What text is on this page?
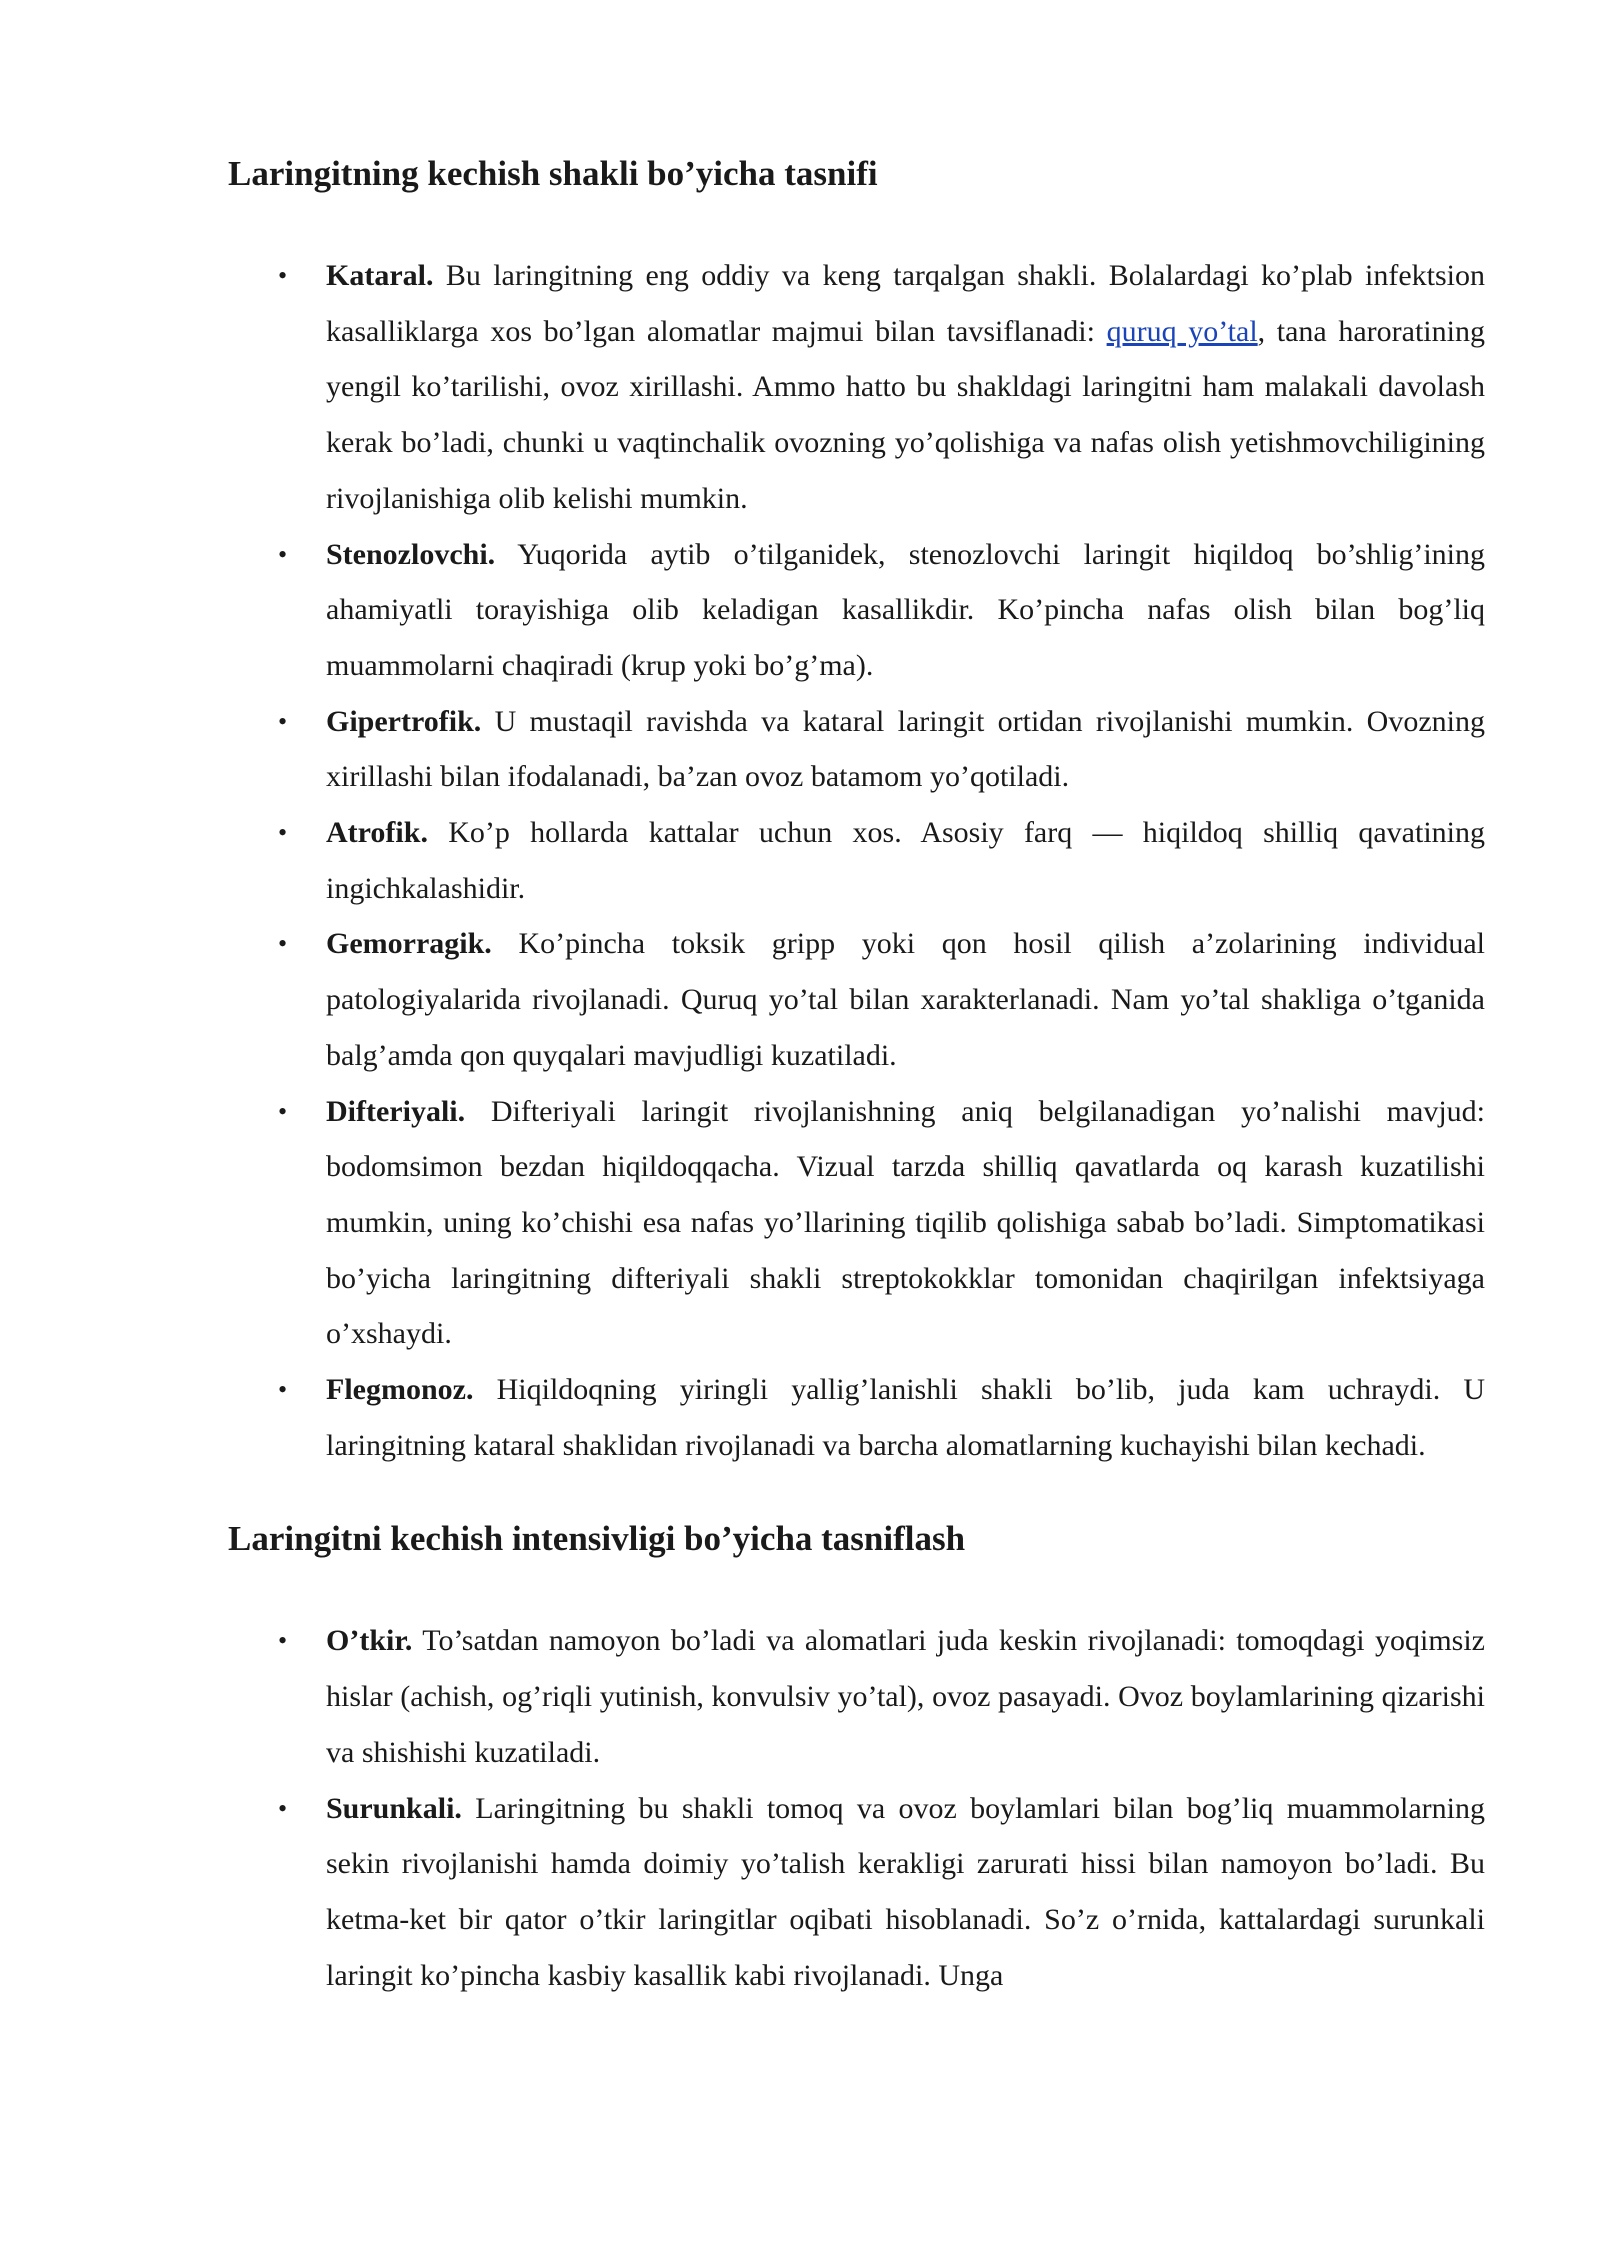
Laringitning kechish shakli bo’yicha tasnifi
• Kataral. Bu laringitning eng oddiy va keng tarqalgan shakli. Bolalardagi ko’plab infektsion kasalliklarga xos bo’lgan alomatlar majmui bilan tavsiflanadi: quruq yo’tal, tana haroratining yengil ko’tarilishi, ovoz xirillashi. Ammo hatto bu shakldagi laringitni ham malakali davolash kerak bo’ladi, chunki u vaqtinchalik ovozning yo’qolishiga va nafas olish yetishmovchiligining rivojlanishiga olib kelishi mumkin.
• Stenozlovchi. Yuqorida aytib o’tilganidek, stenozlovchi laringit hiqildoq bo’shlig’ining ahamiyatli torayishiga olib keladigan kasallikdir. Ko’pincha nafas olish bilan bog’liq muammolarni chaqiradi (krup yoki bo’g’ma).
• Gipertrofik. U mustaqil ravishda va kataral laringit ortidan rivojlanishi mumkin. Ovozning xirillashi bilan ifodalanadi, ba’zan ovoz batamom yo’qotiladi.
• Atrofik. Ko’p hollarda kattalar uchun xos. Asosiy farq — hiqildoq shilliq qavatining ingichkalashidir.
• Gemorragik. Ko’pincha toksik gripp yoki qon hosil qilish a’zolarining individual patologiyalarida rivojlanadi. Quruq yo’tal bilan xarakterlanadi. Nam yo’tal shakliga o’tganida balg’amda qon quyqalari mavjudligi kuzatiladi.
• Difteriyali. Difteriyali laringit rivojlanishning aniq belgilanadigan yo’nalishi mavjud: bodomsimon bezdan hiqildoqqacha. Vizual tarzda shilliq qavatlarda oq karash kuzatilishi mumkin, uning ko’chishi esa nafas yo’llarining tiqilib qolishiga sabab bo’ladi. Simptomatikasi bo’yicha laringitning difteriyali shakli streptokokklar tomonidan chaqirilgan infektsiyaga o’xshaydi.
• Flegmonoz. Hiqildoqning yiringli yallig’lanishli shakli bo’lib, juda kam uchraydi. U laringitning kataral shaklidan rivojlanadi va barcha alomatlarning kuchayishi bilan kechadi.
Laringitni kechish intensivligi bo’yicha tasniflash
• O’tkir. To’satdan namoyon bo’ladi va alomatlari juda keskin rivojlanadi: tomoqdagi yoqimsiz hislar (achish, og’riqli yutinish, konvulsiv yo’tal), ovoz pasayadi. Ovoz boylamlarining qizarishi va shishishi kuzatiladi.
• Surunkali. Laringitning bu shakli tomoq va ovoz boylamlari bilan bog’liq muammolarning sekin rivojlanishi hamda doimiy yo’talish kerakligi zarurati hissi bilan namoyon bo’ladi. Bu ketma-ket bir qator o’tkir laringitlar oqibati hisoblanadi. So’z o’rnida, kattalardagi surunkali laringit ko’pincha kasbiy kasallik kabi rivojlanadi. Unga
